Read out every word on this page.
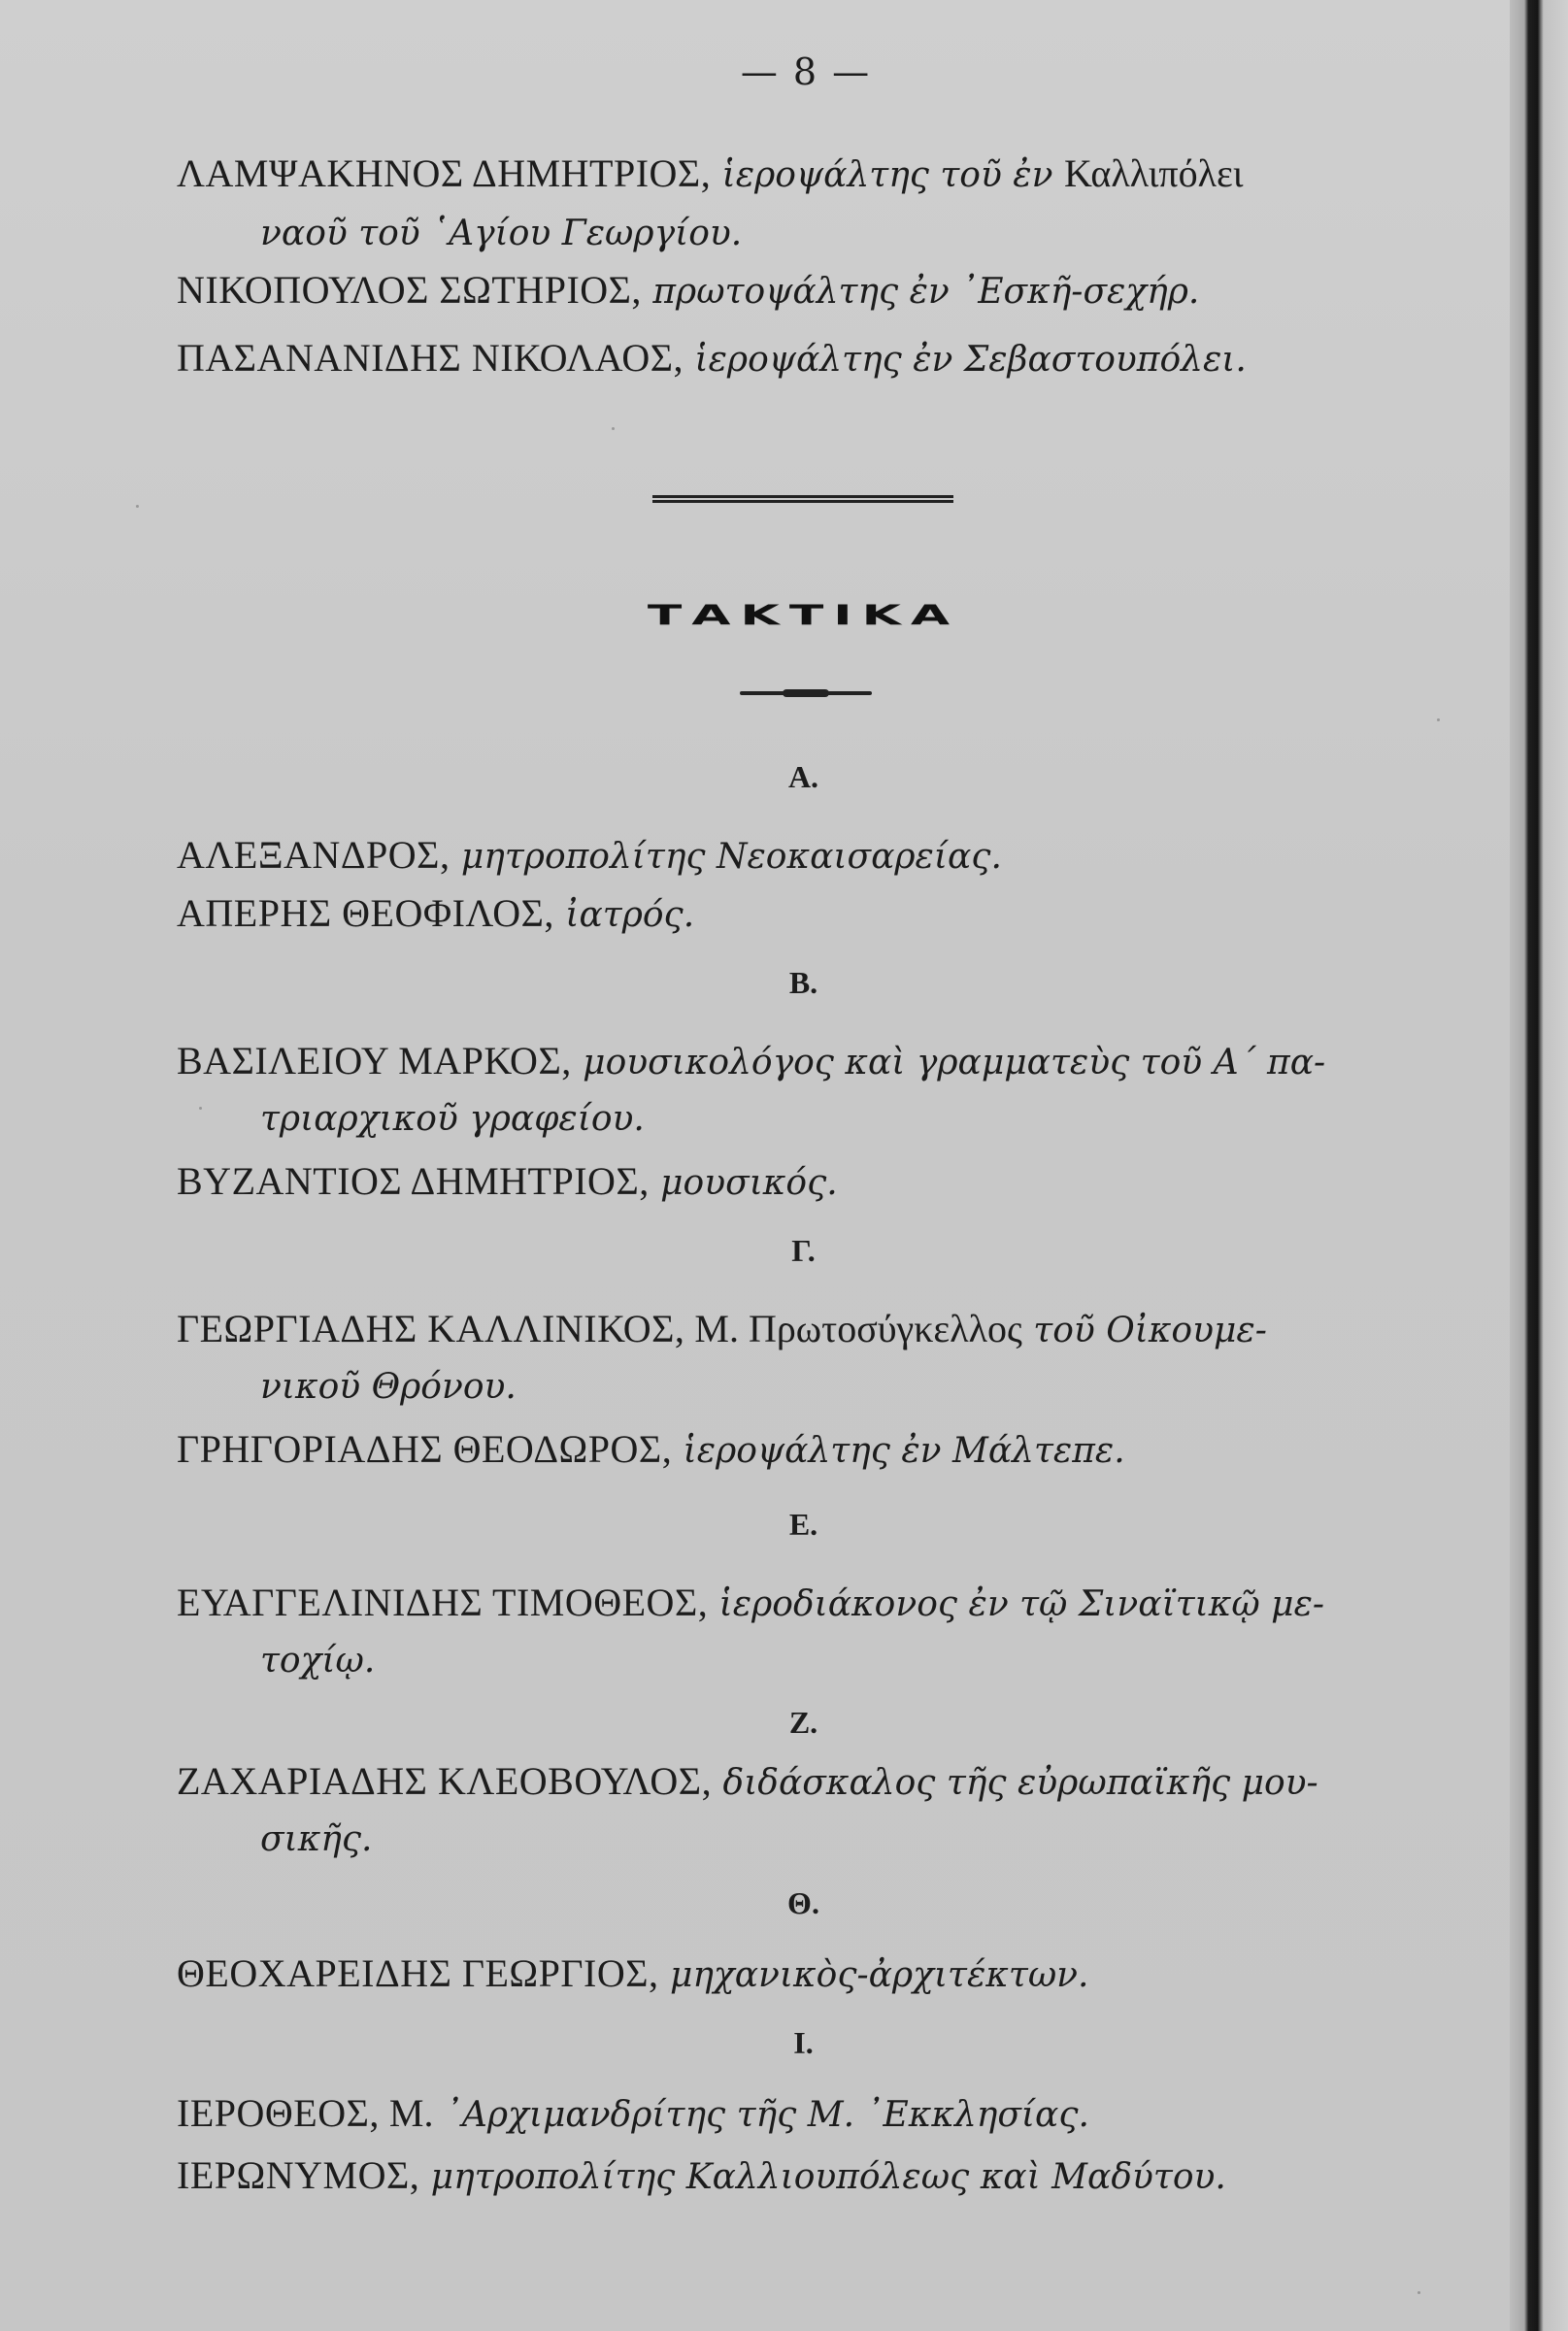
— 8 —
ΛΑΜΨΑΚΗΝΟΣ ΔΗΜΗΤΡΙΟΣ, ἱεροψάλτης τοῦ ἐν Καλλιπόλει
ναοῦ τοῦ ῾Αγίου Γεωργίου.
ΝΙΚΟΠΟΥΛΟΣ ΣΩΤΗΡΙΟΣ, πρωτοψάλτης ἐν ᾿Εσκῆ-σεχήρ.
ΠΑΣΑΝΑΝΙΔΗΣ ΝΙΚΟΛΑΟΣ, ἱεροψάλτης ἐν Σεβαστουπόλει.
ΤΑΚΤΙΚΑ
Α.
ΑΛΕΞΑΝΔΡΟΣ, μητροπολίτης Νεοκαισαρείας.
ΑΠΕΡΗΣ ΘΕΟΦΙΛΟΣ, ἰατρός.
Β.
ΒΑΣΙΛΕΙΟΥ ΜΑΡΚΟΣ, μουσικολόγος καὶ γραμματεὺς τοῦ Α΄ πα-
τριαρχικοῦ γραφείου.
ΒΥΖΑΝΤΙΟΣ ΔΗΜΗΤΡΙΟΣ, μουσικός.
Γ.
ΓΕΩΡΓΙΑΔΗΣ ΚΑΛΛΙΝΙΚΟΣ, Μ. Πρωτοσύγκελλος τοῦ Οἰκουμε-
νικοῦ Θρόνου.
ΓΡΗΓΟΡΙΑΔΗΣ ΘΕΟΔΩΡΟΣ, ἱεροψάλτης ἐν Μάλτεπε.
Ε.
ΕΥΑΓΓΕΛΙΝΙΔΗΣ ΤΙΜΟΘΕΟΣ, ἱεροδιάκονος ἐν τῷ Σιναϊτικῷ με-
τοχίῳ.
Ζ.
ΖΑΧΑΡΙΑΔΗΣ ΚΛΕΟΒΟΥΛΟΣ, διδάσκαλος τῆς εὐρωπαϊκῆς μου-
σικῆς.
Θ.
ΘΕΟΧΑΡΕΙΔΗΣ ΓΕΩΡΓΙΟΣ, μηχανικὸς-ἀρχιτέκτων.
Ι.
ΙΕΡΟΘΕΟΣ, Μ. ᾿Αρχιμανδρίτης τῆς Μ. ᾿Εκκλησίας.
ΙΕΡΩΝΥΜΟΣ, μητροπολίτης Καλλιουπόλεως καὶ Μαδύτου.
